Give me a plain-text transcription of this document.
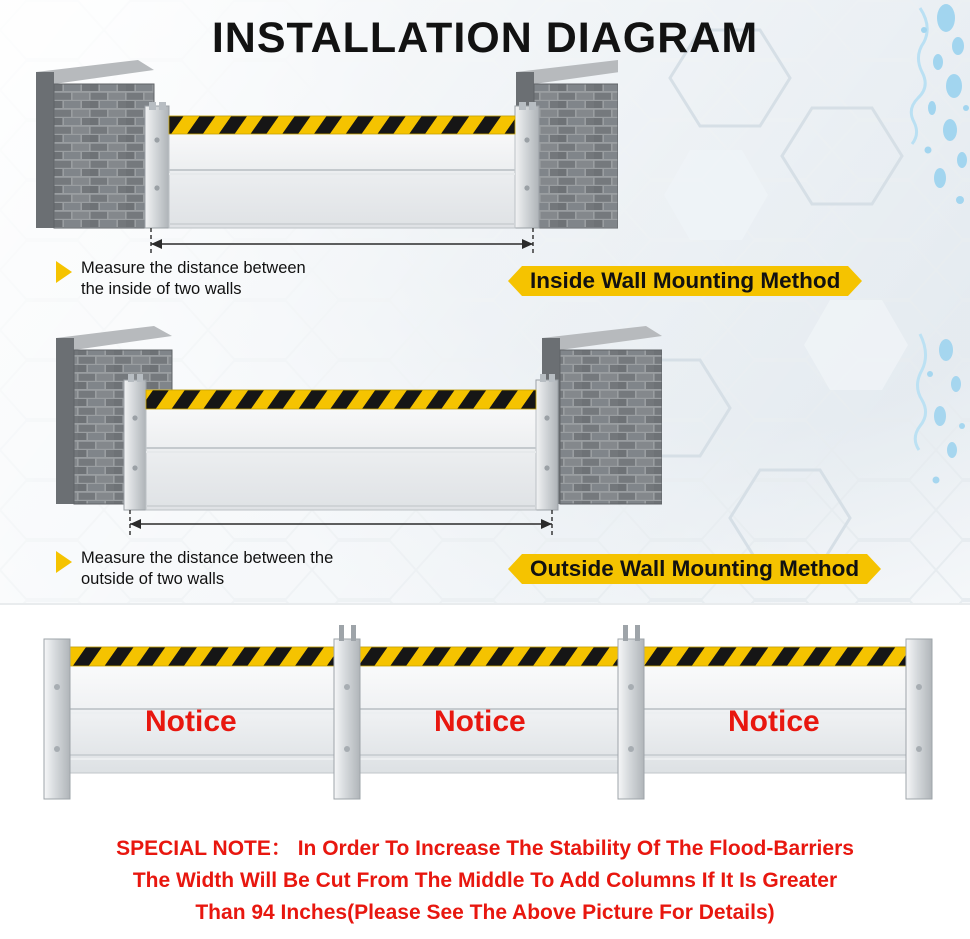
INSTALLATION DIAGRAM
Measure the distance between
the inside of two walls	Inside Wall Mounting Method
Measure the distance between the
outside of two walls	Outside Wall Mounting Method
Notice	Notice	Notice
SPECIAL NOTE： In Order To Increase The Stability Of The Flood-Barriers
The Width Will Be Cut From The Middle To Add Columns If It Is Greater
Than 94 Inches(Please See The Above Picture For Details)
